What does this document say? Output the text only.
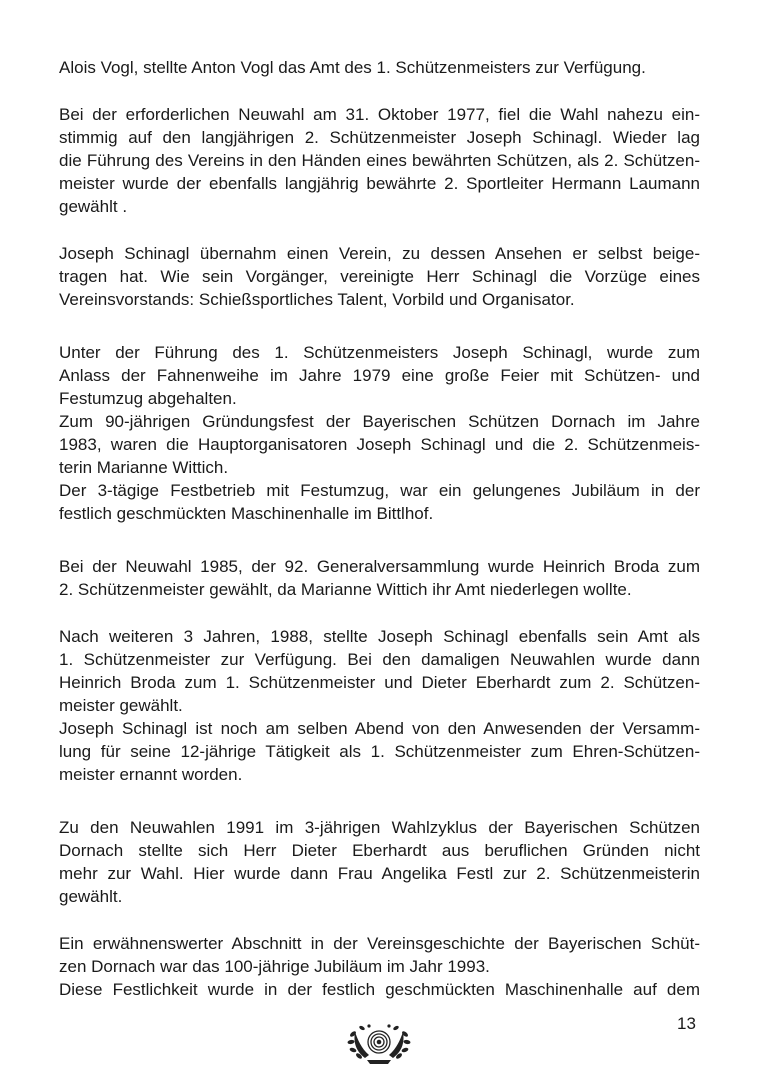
Alois Vogl, stellte Anton Vogl das Amt des 1. Schützenmeisters zur Verfügung.
Bei der erforderlichen Neuwahl am 31. Oktober 1977, fiel die Wahl nahezu ein-
stimmig auf den langjährigen 2. Schützenmeister Joseph Schinagl. Wieder lag
die Führung des Vereins in den Händen eines bewährten Schützen, als 2. Schützen-
meister wurde der ebenfalls langjährig bewährte 2. Sportleiter Hermann Laumann
gewählt .
Joseph Schinagl übernahm einen Verein, zu dessen Ansehen er selbst beige-
tragen hat. Wie sein Vorgänger, vereinigte Herr Schinagl die Vorzüge eines
Vereinsvorstands: Schießsportliches Talent, Vorbild und Organisator.
Unter der Führung des 1. Schützenmeisters Joseph Schinagl, wurde zum
Anlass der Fahnenweihe im Jahre 1979 eine große Feier mit Schützen- und
Festumzug abgehalten.
Zum 90-jährigen Gründungsfest der Bayerischen Schützen Dornach im Jahre
1983, waren die Hauptorganisatoren Joseph Schinagl und die 2. Schützenmeis-
terin Marianne Wittich.
Der 3-tägige Festbetrieb mit Festumzug, war ein gelungenes Jubiläum in der
festlich geschmückten Maschinenhalle im Bittlhof.
Bei der Neuwahl 1985, der 92. Generalversammlung wurde Heinrich Broda zum
2. Schützenmeister gewählt, da Marianne Wittich ihr Amt niederlegen wollte.
Nach weiteren 3 Jahren, 1988, stellte Joseph Schinagl ebenfalls sein Amt als
1. Schützenmeister zur Verfügung. Bei den damaligen Neuwahlen wurde dann
Heinrich Broda zum 1. Schützenmeister und Dieter Eberhardt zum 2. Schützen-
meister gewählt.
Joseph Schinagl ist noch am selben Abend von den Anwesenden der Versamm-
lung für seine 12-jährige Tätigkeit als 1. Schützenmeister zum Ehren-Schützen-
meister ernannt worden.
Zu den Neuwahlen 1991 im 3-jährigen Wahlzyklus der Bayerischen Schützen
Dornach stellte sich Herr Dieter Eberhardt aus beruflichen Gründen nicht
mehr zur Wahl. Hier wurde dann Frau Angelika Festl zur 2. Schützenmeisterin
gewählt.
Ein erwähnenswerter Abschnitt in der Vereinsgeschichte der Bayerischen Schüt-
zen Dornach war das 100-jährige Jubiläum im Jahr 1993.
Diese Festlichkeit wurde in der festlich geschmückten Maschinenhalle auf dem
13
